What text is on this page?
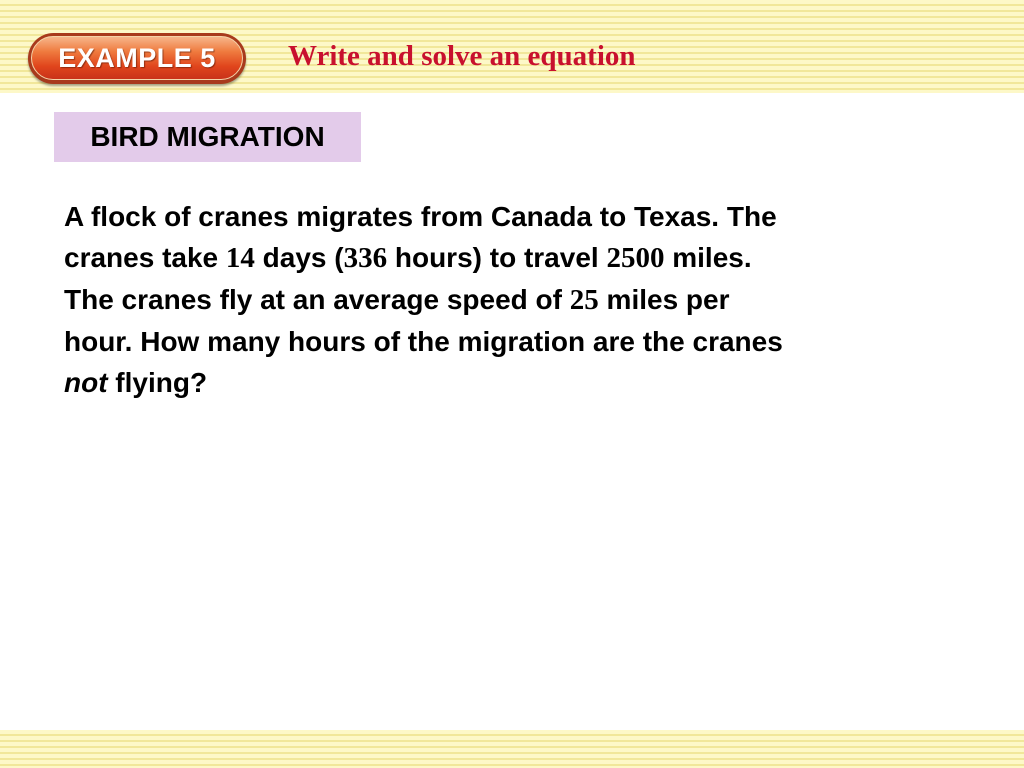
EXAMPLE 5	Write and solve an equation
BIRD MIGRATION
A flock of cranes migrates from Canada to Texas. The
cranes take 14 days (336 hours) to travel 2500 miles.
The cranes fly at an average speed of 25 miles per
hour. How many hours of the migration are the cranes
not flying?
